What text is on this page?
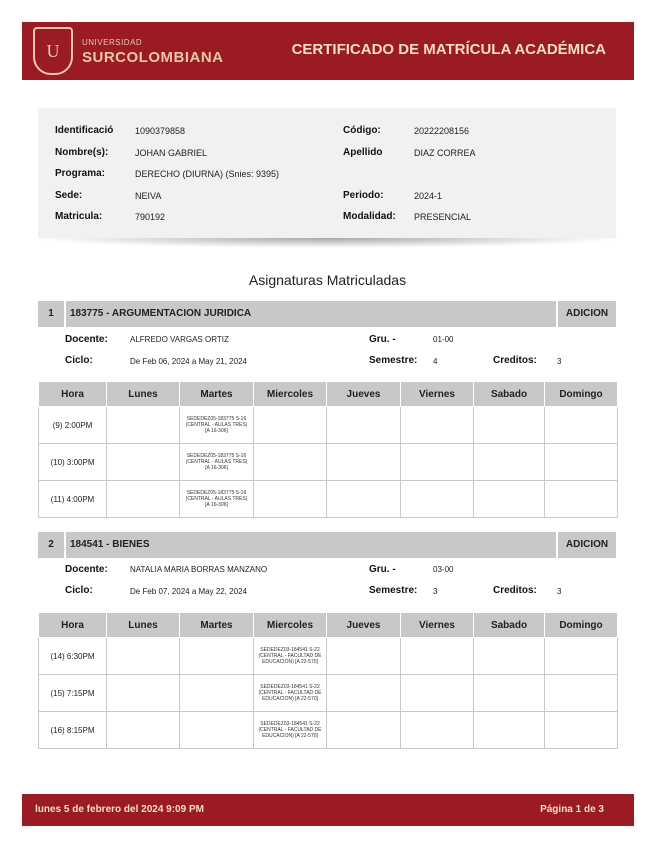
U	UNIVERSIDAD
SURCOLOMBIANA	CERTIFICADO DE MATRÍCULA ACADÉMICA
Identificació 1090379858	Código:	20222208156
Nombre(s):	JOHAN GABRIEL	Apellido	DIAZ CORREA
Programa:	DERECHO (DIURNA) (Snies: 9395)
Sede:	NEIVA	Periodo:	2024-1
Matricula:	790192	Modalidad: PRESENCIAL
Asignaturas Matriculadas
1	183775 - ARGUMENTACION JURIDICA	ADICION
Docente:	ALFREDO VARGAS ORTIZ	Gru. -	01-00
Ciclo:	De Feb 06, 2024 a May 21, 2024	Semestre: 4	Creditos:	3
Hora	Lunes	Martes	Miercoles	Jueves	Viernes	Sabado	Domingo
(9) 2:00PM		SEDEDEZ05-183775 S-16 (CENTRAL - AULAS TRES) [A 16-306]					

(10) 3:00PM		SEDEDEZ05-183775 S-16 (CENTRAL - AULAS TRES) [A 16-306]					

(11) 4:00PM		SEDEDEZ05-183775 S-16 (CENTRAL - AULAS TRES) [A 16-306]					

2	184541 - BIENES	ADICION
Docente:	NATALIA MARIA BORRAS MANZANO	Gru. -	03-00
Ciclo:	De Feb 07, 2024 a May 22, 2024	Semestre: 3	Creditos:	3
Hora	Lunes	Martes	Miercoles	Jueves	Viernes	Sabado	Domingo
(14) 6:30PM			SEDEDEZ03-184541 S-22 (CENTRAL - FACULTAD DE EDUCACION) [A 22-570]				

(15) 7:15PM			SEDEDEZ03-184541 S-22 (CENTRAL - FACULTAD DE EDUCACION) [A 22-570]				

(16) 8:15PM			SEDEDEZ03-184541 S-22 (CENTRAL - FACULTAD DE EDUCACION) [A 22-570]				

lunes 5 de febrero del 2024 9:09 PM	Página 1 de 3
